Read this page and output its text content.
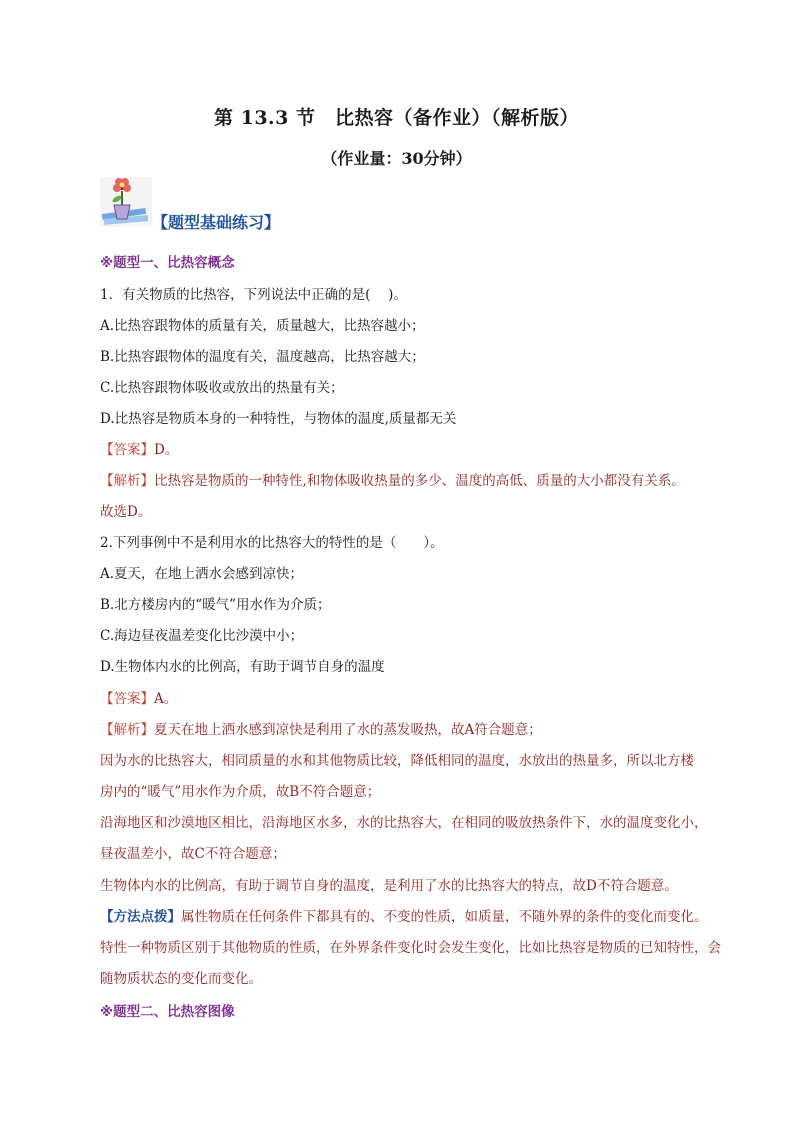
第 13.3 节　比热容（备作业）（解析版）
（作业量：30分钟）
【题型基础练习】
※题型一、比热容概念
1．有关物质的比热容，下列说法中正确的是(　 )。
A.比热容跟物体的质量有关，质量越大，比热容越小；
B.比热容跟物体的温度有关，温度越高，比热容越大；
C.比热容跟物体吸收或放出的热量有关；
D.比热容是物质本身的一种特性，与物体的温度,质量都无关
【答案】D。
【解析】比热容是物质的一种特性,和物体吸收热量的多少、温度的高低、质量的大小都没有关系。
故选D。
2.下列事例中不是利用水的比热容大的特性的是（　　）。
A.夏天，在地上洒水会感到凉快；
B.北方楼房内的“暖气”用水作为介质；
C.海边昼夜温差变化比沙漠中小；
D.生物体内水的比例高，有助于调节自身的温度
【答案】A。
【解析】夏天在地上洒水感到凉快是利用了水的蒸发吸热，故A符合题意；
因为水的比热容大，相同质量的水和其他物质比较，降低相同的温度，水放出的热量多，所以北方楼
房内的“暖气”用水作为介质，故B不符合题意；
沿海地区和沙漠地区相比，沿海地区水多，水的比热容大，在相同的吸放热条件下，水的温度变化小，
昼夜温差小，故C不符合题意；
生物体内水的比例高，有助于调节自身的温度，是利用了水的比热容大的特点，故D不符合题意。
【方法点拨】属性物质在任何条件下都具有的、不变的性质，如质量，不随外界的条件的变化而变化。
特性一种物质区别于其他物质的性质，在外界条件变化时会发生变化，比如比热容是物质的已知特性，会
随物质状态的变化而变化。
※题型二、比热容图像
